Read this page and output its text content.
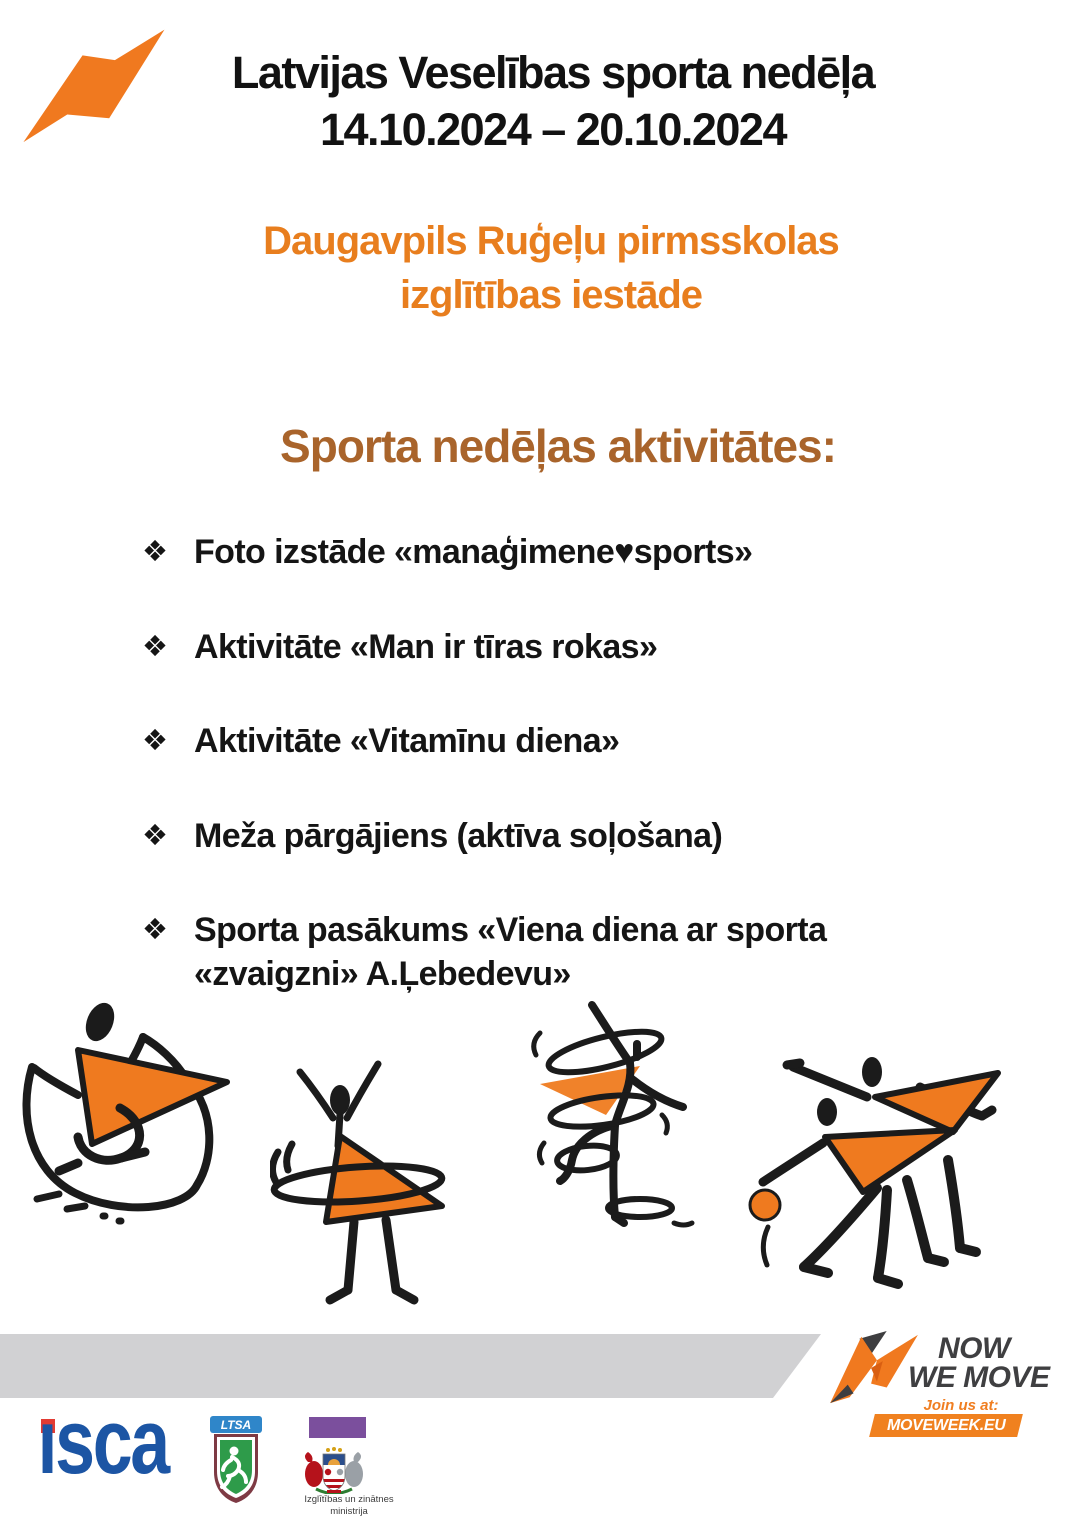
Latvijas Veselības sporta nedēļa
14.10.2024 – 20.10.2024
Daugavpils Ruģeļu pirmsskolas
izglītības iestāde
Sporta nedēļas aktivitātes:
❖ Foto izstāde «manaģimene♥sports»
❖ Aktivitāte «Man ir tīras rokas»
❖ Aktivitāte «Vitamīnu diena»
❖ Meža pārgājiens (aktīva soļošana)
❖ Sporta pasākums «Viena diena ar sporta «zvaigzni» A.Ļebedevu»
NOW
WE MOVE
Join us at:
MOVEWEEK.EU
ısca	LTSA
Izglītības un zinātnes
ministrija
